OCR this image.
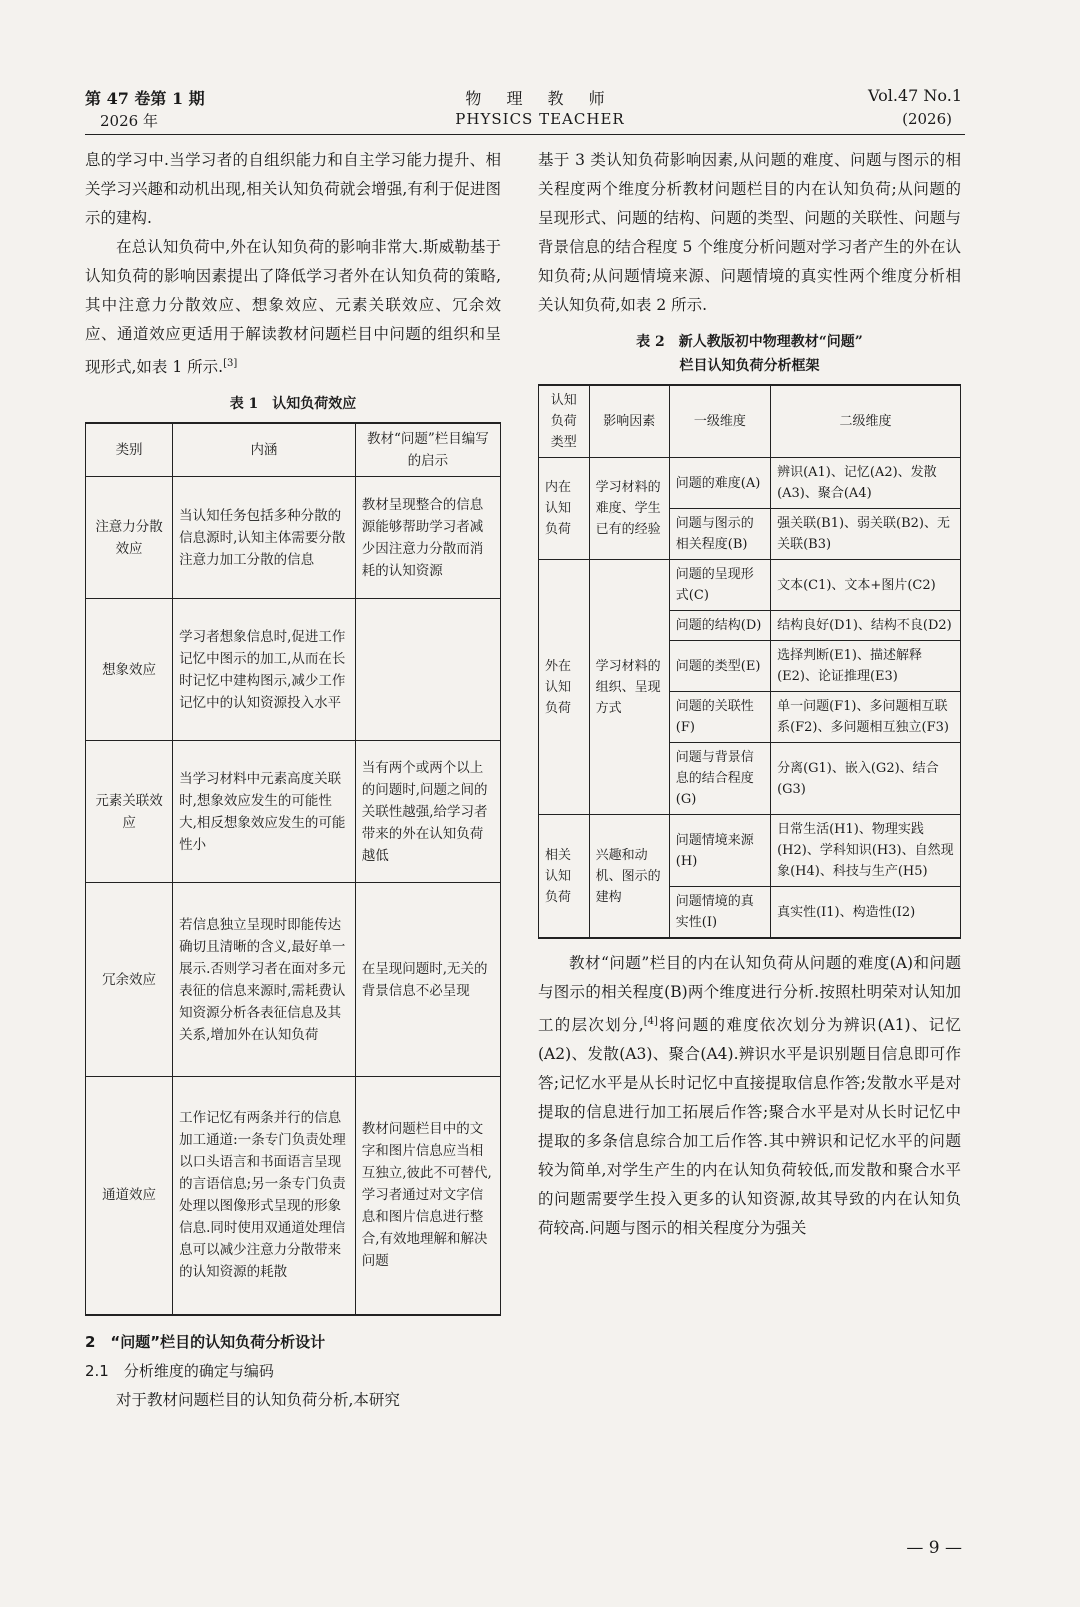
第 47 卷第 1 期
2026 年
物 理 教 师
PHYSICS TEACHER
Vol.47 No.1
(2026)

息的学习中.当学习者的自组织能力和自主学习能力提升、相关学习兴趣和动机出现,相关认知负荷就会增强,有利于促进图示的建构.

在总认知负荷中,外在认知负荷的影响非常大.斯威勒基于认知负荷的影响因素提出了降低学习者外在认知负荷的策略,其中注意力分散效应、想象效应、元素关联效应、冗余效应、通道效应更适用于解读教材问题栏目中问题的组织和呈现形式,如表 1 所示.[3]

表 1　认知负荷效应
类别	内涵	教材“问题”栏目编写的启示
注意力分散效应	当认知任务包括多种分散的信息源时,认知主体需要分散注意力加工分散的信息	教材呈现整合的信息源能够帮助学习者减少因注意力分散而消耗的认知资源
想象效应	学习者想象信息时,促进工作记忆中图示的加工,从而在长时记忆中建构图示,减少工作记忆中的认知资源投入水平	
元素关联效应	当学习材料中元素高度关联时,想象效应发生的可能性大,相反想象效应发生的可能性小	当有两个或两个以上的问题时,问题之间的关联性越强,给学习者带来的外在认知负荷越低
冗余效应	若信息独立呈现时即能传达确切且清晰的含义,最好单一展示.否则学习者在面对多元表征的信息来源时,需耗费认知资源分析各表征信息及其关系,增加外在认知负荷	在呈现问题时,无关的背景信息不必呈现
通道效应	工作记忆有两条并行的信息加工通道:一条专门负责处理以口头语言和书面语言呈现的言语信息;另一条专门负责处理以图像形式呈现的形象信息.同时使用双通道处理信息可以减少注意力分散带来的认知资源的耗散	教材问题栏目中的文字和图片信息应当相互独立,彼此不可替代,学习者通过对文字信息和图片信息进行整合,有效地理解和解决问题
2　“问题”栏目的认知负荷分析设计
2.1　分析维度的确定与编码

对于教材问题栏目的认知负荷分析,本研究

基于 3 类认知负荷影响因素,从问题的难度、问题与图示的相关程度两个维度分析教材问题栏目的内在认知负荷;从问题的呈现形式、问题的结构、问题的类型、问题的关联性、问题与背景信息的结合程度 5 个维度分析问题对学习者产生的外在认知负荷;从问题情境来源、问题情境的真实性两个维度分析相关认知负荷,如表 2 所示.

表 2　新人教版初中物理教材“问题”
栏目认知负荷分析框架
认知负荷类型	影响因素	一级维度	二级维度
内在认知负荷	学习材料的难度、学生已有的经验	问题的难度(A)	辨识(A1)、记忆(A2)、发散(A3)、聚合(A4)
		问题与图示的相关程度(B)	强关联(B1)、弱关联(B2)、无关联(B3)
外在认知负荷	学习材料的组织、呈现方式	问题的呈现形式(C)	文本(C1)、文本+图片(C2)
		问题的结构(D)	结构良好(D1)、结构不良(D2)
		问题的类型(E)	选择判断(E1)、描述解释(E2)、论证推理(E3)
		问题的关联性(F)	单一问题(F1)、多问题相互联系(F2)、多问题相互独立(F3)
		问题与背景信息的结合程度(G)	分离(G1)、嵌入(G2)、结合(G3)
相关认知负荷	兴趣和动机、图示的建构	问题情境来源(H)	日常生活(H1)、物理实践(H2)、学科知识(H3)、自然现象(H4)、科技与生产(H5)
		问题情境的真实性(I)	真实性(I1)、构造性(I2)

教材“问题”栏目的内在认知负荷从问题的难度(A)和问题与图示的相关程度(B)两个维度进行分析.按照杜明荣对认知加工的层次划分,[4]将问题的难度依次划分为辨识(A1)、记忆(A2)、发散(A3)、聚合(A4).辨识水平是识别题目信息即可作答;记忆水平是从长时记忆中直接提取信息作答;发散水平是对提取的信息进行加工拓展后作答;聚合水平是对从长时记忆中提取的多条信息综合加工后作答.其中辨识和记忆水平的问题较为简单,对学生产生的内在认知负荷较低,而发散和聚合水平的问题需要学生投入更多的认知资源,故其导致的内在认知负荷较高.问题与图示的相关程度分为强关

— 9 —
